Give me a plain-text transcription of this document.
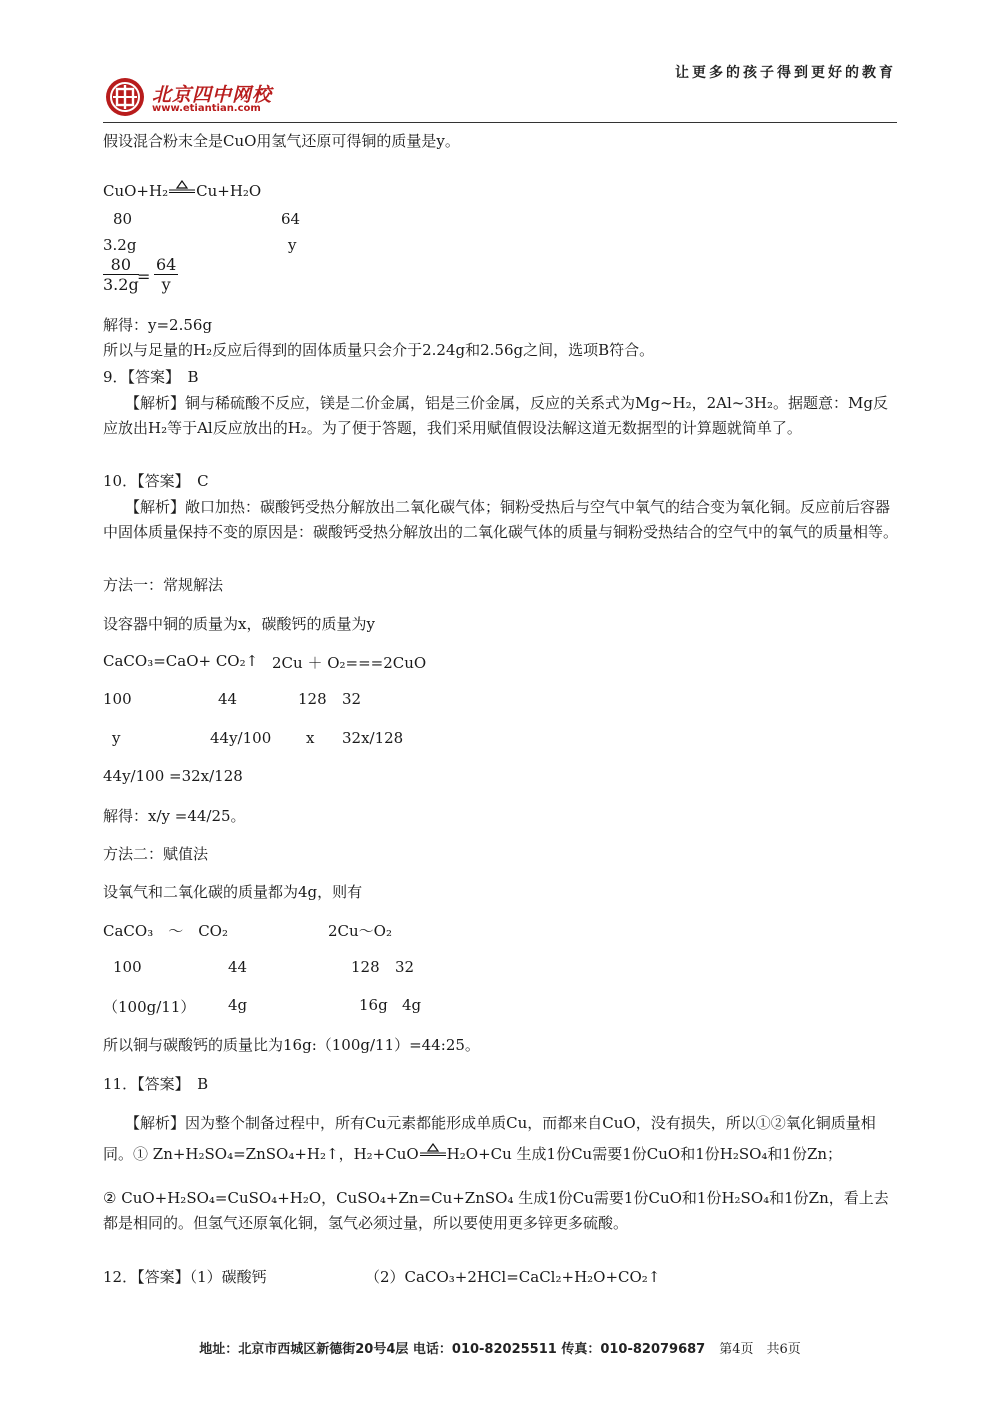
让更多的孩子得到更好的教育
北京四中网校
www.etiantian.com
假设混合粉末全是CuO用氢气还原可得铜的质量是y。
CuO+H₂ Cu+H₂O
80	64
3.2g	y
$\frac{80}{3.2g}$
= $\frac{64}{y}$
解得：y=2.56g
所以与足量的H₂反应后得到的固体质量只会介于2.24g和2.56g之间，选项B符合。
9．【答案】　B
【解析】铜与稀硫酸不反应，镁是二价金属，铝是三价金属，反应的关系式为Mg~H₂，2Al~3H₂。据题意：Mg反应放出H₂等于Al反应放出的H₂。为了便于答题，我们采用赋值假设法解这道无数据型的计算题就简单了。
10．【答案】　C
【解析】敞口加热：碳酸钙受热分解放出二氧化碳气体；铜粉受热后与空气中氧气的结合变为氧化铜。反应前后容器中固体质量保持不变的原因是：碳酸钙受热分解放出的二氧化碳气体的质量与铜粉受热结合的空气中的氧气的质量相等。
方法一：常规解法
设容器中铜的质量为x，碳酸钙的质量为y
CaCO₃=CaO+ CO₂↑ 2Cu ＋ O₂===2CuO
100	44	128 32
y	44y/100 x 32x/128
44y/100 =32x/128
解得：x/y =44/25。
方法二：赋值法
设氧气和二氧化碳的质量都为4g，则有
CaCO₃　～　CO₂	2Cu～O₂
100	44	128 32
（100g/11） 4g	16g 4g
所以铜与碳酸钙的质量比为16g:（100g/11）=44:25。
11．【答案】　B
【解析】因为整个制备过程中，所有Cu元素都能形成单质Cu，而都来自CuO，没有损失，所以①②氧化铜质量相同。① Zn+H₂SO₄=ZnSO₄+H₂↑，H₂+CuO H₂O+Cu 生成1份Cu需要1份CuO和1份H₂SO₄和1份Zn；
② CuO+H₂SO₄=CuSO₄+H₂O，CuSO₄+Zn=Cu+ZnSO₄ 生成1份Cu需要1份CuO和1份H₂SO₄和1份Zn，看上去都是相同的。但氢气还原氧化铜，氢气必须过量，所以要使用更多锌更多硫酸。
12．【答案】（1）碳酸钙	（2）CaCO₃+2HCl=CaCl₂+H₂O+CO₂↑
地址：北京市西城区新德街20号4层 电话：010-82025511 传真：010-82079687 第4页　共6页
